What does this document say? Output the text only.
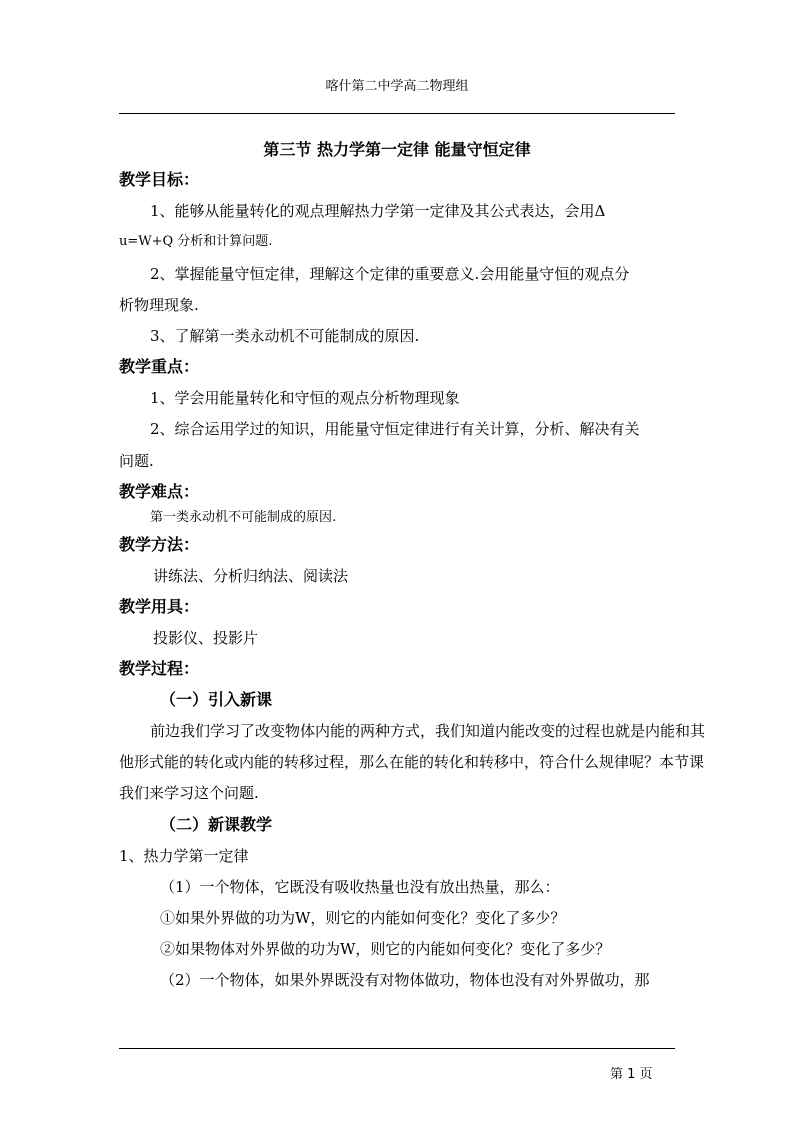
喀什第二中学高二物理组
第三节 热力学第一定律 能量守恒定律
教学目标：
1、能够从能量转化的观点理解热力学第一定律及其公式表达，会用Δ
u=W+Q 分析和计算问题.
2、掌握能量守恒定律，理解这个定律的重要意义.会用能量守恒的观点分
析物理现象.
3、了解第一类永动机不可能制成的原因.
教学重点：
1、学会用能量转化和守恒的观点分析物理现象
2、综合运用学过的知识，用能量守恒定律进行有关计算，分析、解决有关
问题.
教学难点：
第一类永动机不可能制成的原因.
教学方法：
讲练法、分析归纳法、阅读法
教学用具：
投影仪、投影片
教学过程：
（一）引入新课
前边我们学习了改变物体内能的两种方式，我们知道内能改变的过程也就是内能和其
他形式能的转化或内能的转移过程，那么在能的转化和转移中，符合什么规律呢？本节课
我们来学习这个问题.
（二）新课教学
1、热力学第一定律
（1）一个物体，它既没有吸收热量也没有放出热量，那么：
①如果外界做的功为W，则它的内能如何变化？变化了多少？
②如果物体对外界做的功为W，则它的内能如何变化？变化了多少？
（2）一个物体，如果外界既没有对物体做功，物体也没有对外界做功，那
第 1 页
